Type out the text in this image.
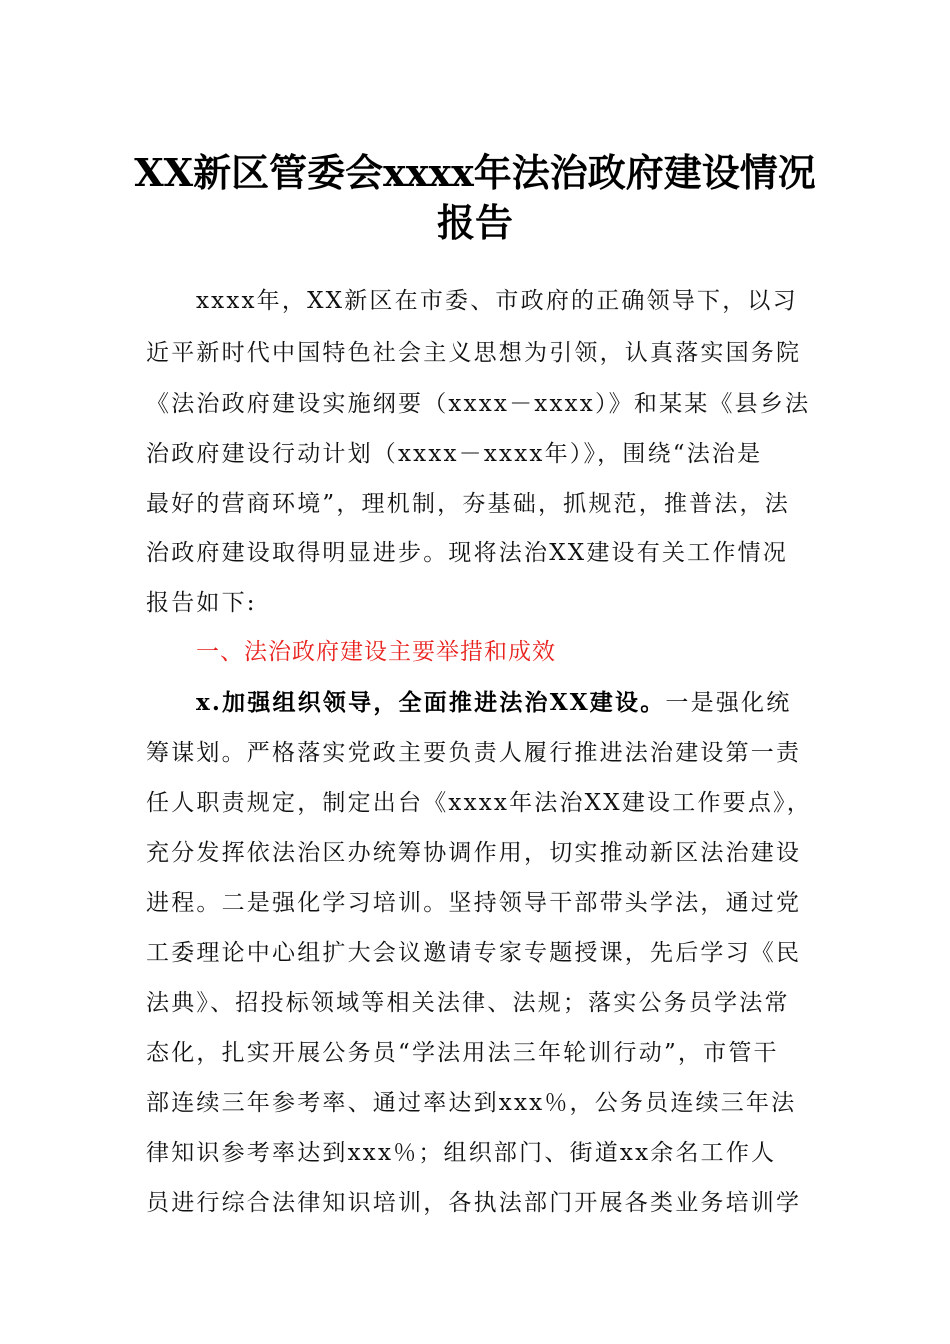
XX新区管委会xxxx年法治政府建设情况
报告
xxxx年，XX新区在市委、市政府的正确领导下，以习
近平新时代中国特色社会主义思想为引领，认真落实国务院
《法治政府建设实施纲要（xxxx－xxxx）》和某某《县乡法
治政府建设行动计划（xxxx－xxxx年）》，围绕“法治是
最好的营商环境”，理机制，夯基础，抓规范，推普法，法
治政府建设取得明显进步。现将法治XX建设有关工作情况
报告如下:
一、法治政府建设主要举措和成效
x.加强组织领导，全面推进法治XX建设。一是强化统
筹谋划。严格落实党政主要负责人履行推进法治建设第一责
任人职责规定，制定出台《xxxx年法治XX建设工作要点》，
充分发挥依法治区办统筹协调作用，切实推动新区法治建设
进程。二是强化学习培训。坚持领导干部带头学法，通过党
工委理论中心组扩大会议邀请专家专题授课，先后学习《民
法典》、招投标领域等相关法律、法规；落实公务员学法常
态化，扎实开展公务员“学法用法三年轮训行动”，市管干
部连续三年参考率、通过率达到xxx％，公务员连续三年法
律知识参考率达到xxx％；组织部门、街道xx余名工作人
员进行综合法律知识培训，各执法部门开展各类业务培训学
